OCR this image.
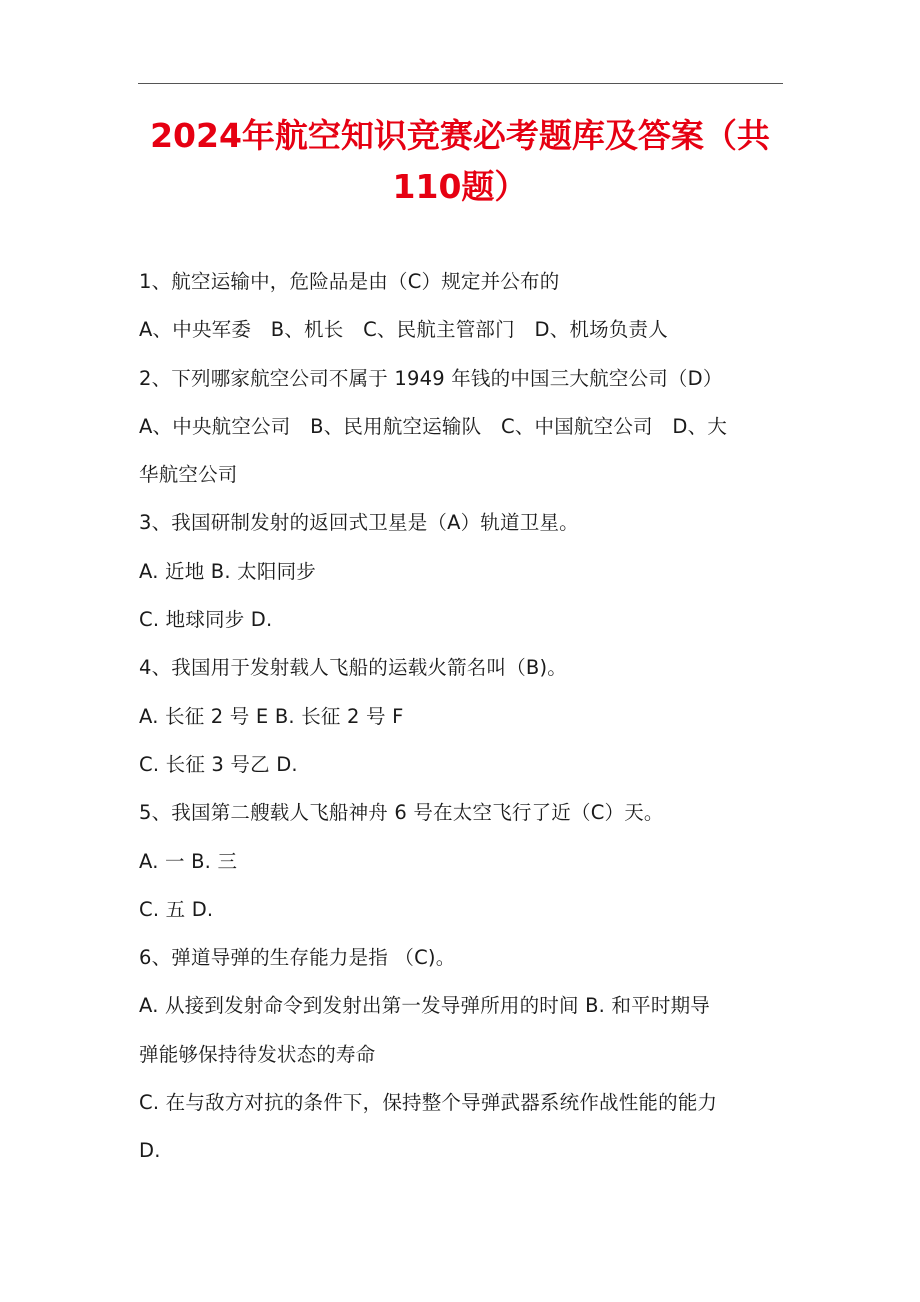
2024年航空知识竞赛必考题库及答案（共
110题）
1、航空运输中，危险品是由（C）规定并公布的
A、中央军委　B、机长　C、民航主管部门　D、机场负责人
2、下列哪家航空公司不属于 1949 年钱的中国三大航空公司（D）
A、中央航空公司　B、民用航空运输队　C、中国航空公司　D、大
华航空公司
3、我国研制发射的返回式卫星是（A）轨道卫星。
A. 近地 B. 太阳同步
C. 地球同步 D.
4、我国用于发射载人飞船的运载火箭名叫（B)。
A. 长征 2 号 E B. 长征 2 号 F
C. 长征 3 号乙 D.
5、我国第二艘载人飞船神舟 6 号在太空飞行了近（C）天。
A. 一 B. 三
C. 五 D.
6、弹道导弹的生存能力是指 （C)。
A. 从接到发射命令到发射出第一发导弹所用的时间 B. 和平时期导
弹能够保持待发状态的寿命
C. 在与敌方对抗的条件下，保持整个导弹武器系统作战性能的能力
D.
